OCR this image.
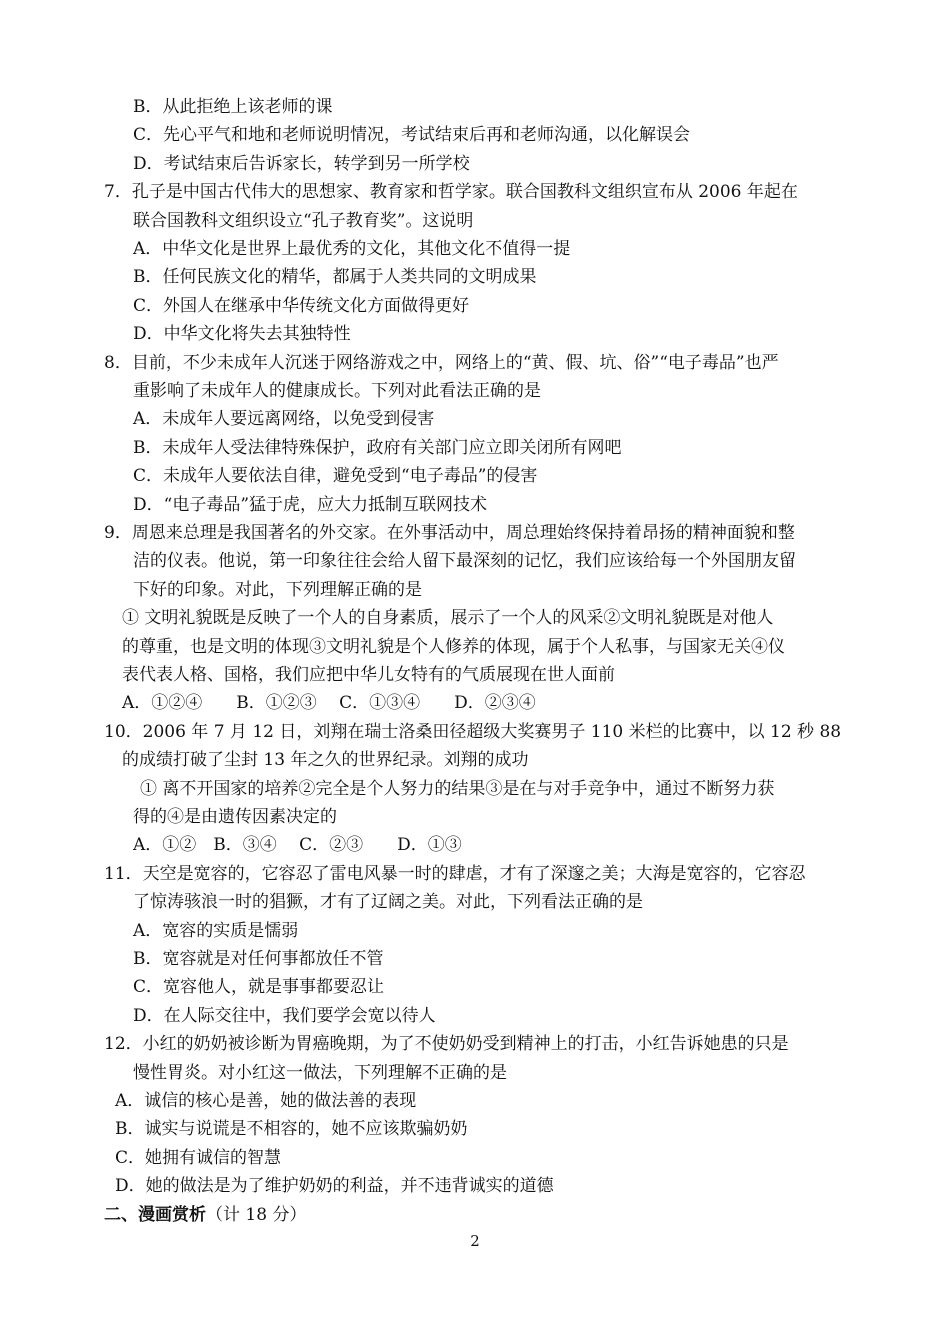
B．从此拒绝上该老师的课
C．先心平气和地和老师说明情况，考试结束后再和老师沟通，以化解误会
D．考试结束后告诉家长，转学到另一所学校
7．孔子是中国古代伟大的思想家、教育家和哲学家。联合国教科文组织宣布从 2006 年起在
联合国教科文组织设立“孔子教育奖”。这说明
A．中华文化是世界上最优秀的文化，其他文化不值得一提
B．任何民族文化的精华，都属于人类共同的文明成果
C．外国人在继承中华传统文化方面做得更好
D．中华文化将失去其独特性
8．目前，不少未成年人沉迷于网络游戏之中，网络上的“黄、假、坑、俗”“电子毒品”也严
重影响了未成年人的健康成长。下列对此看法正确的是
A．未成年人要远离网络，以免受到侵害
B．未成年人受法律特殊保护，政府有关部门应立即关闭所有网吧
C．未成年人要依法自律，避免受到“电子毒品”的侵害
D．“电子毒品”猛于虎，应大力抵制互联网技术
9．周恩来总理是我国著名的外交家。在外事活动中，周总理始终保持着昂扬的精神面貌和整
洁的仪表。他说，第一印象往往会给人留下最深刻的记忆，我们应该给每一个外国朋友留
下好的印象。对此，下列理解正确的是
① 文明礼貌既是反映了一个人的自身素质，展示了一个人的风采②文明礼貌既是对他人
的尊重，也是文明的体现③文明礼貌是个人修养的体现，属于个人私事，与国家无关④仪
表代表人格、国格，我们应把中华儿女特有的气质展现在世人面前
A．①②④　　B．①②③　 C．①③④　　D．②③④
10．2006 年 7 月 12 日，刘翔在瑞士洛桑田径超级大奖赛男子 110 米栏的比赛中，以 12 秒 88
的成绩打破了尘封 13 年之久的世界纪录。刘翔的成功
① 离不开国家的培养②完全是个人努力的结果③是在与对手竞争中，通过不断努力获
得的④是由遗传因素决定的
A．①②　B．③④　 C．②③　　D．①③
11．天空是宽容的，它容忍了雷电风暴一时的肆虐，才有了深邃之美；大海是宽容的，它容忍
了惊涛骇浪一时的猖獗，才有了辽阔之美。对此，下列看法正确的是
A．宽容的实质是懦弱
B．宽容就是对任何事都放任不管
C．宽容他人，就是事事都要忍让
D．在人际交往中，我们要学会宽以待人
12．小红的奶奶被诊断为胃癌晚期，为了不使奶奶受到精神上的打击，小红告诉她患的只是
慢性胃炎。对小红这一做法，下列理解不正确的是
A．诚信的核心是善，她的做法善的表现
B．诚实与说谎是不相容的，她不应该欺骗奶奶
C．她拥有诚信的智慧
D．她的做法是为了维护奶奶的利益，并不违背诚实的道德
二、漫画赏析（计 18 分）
2
